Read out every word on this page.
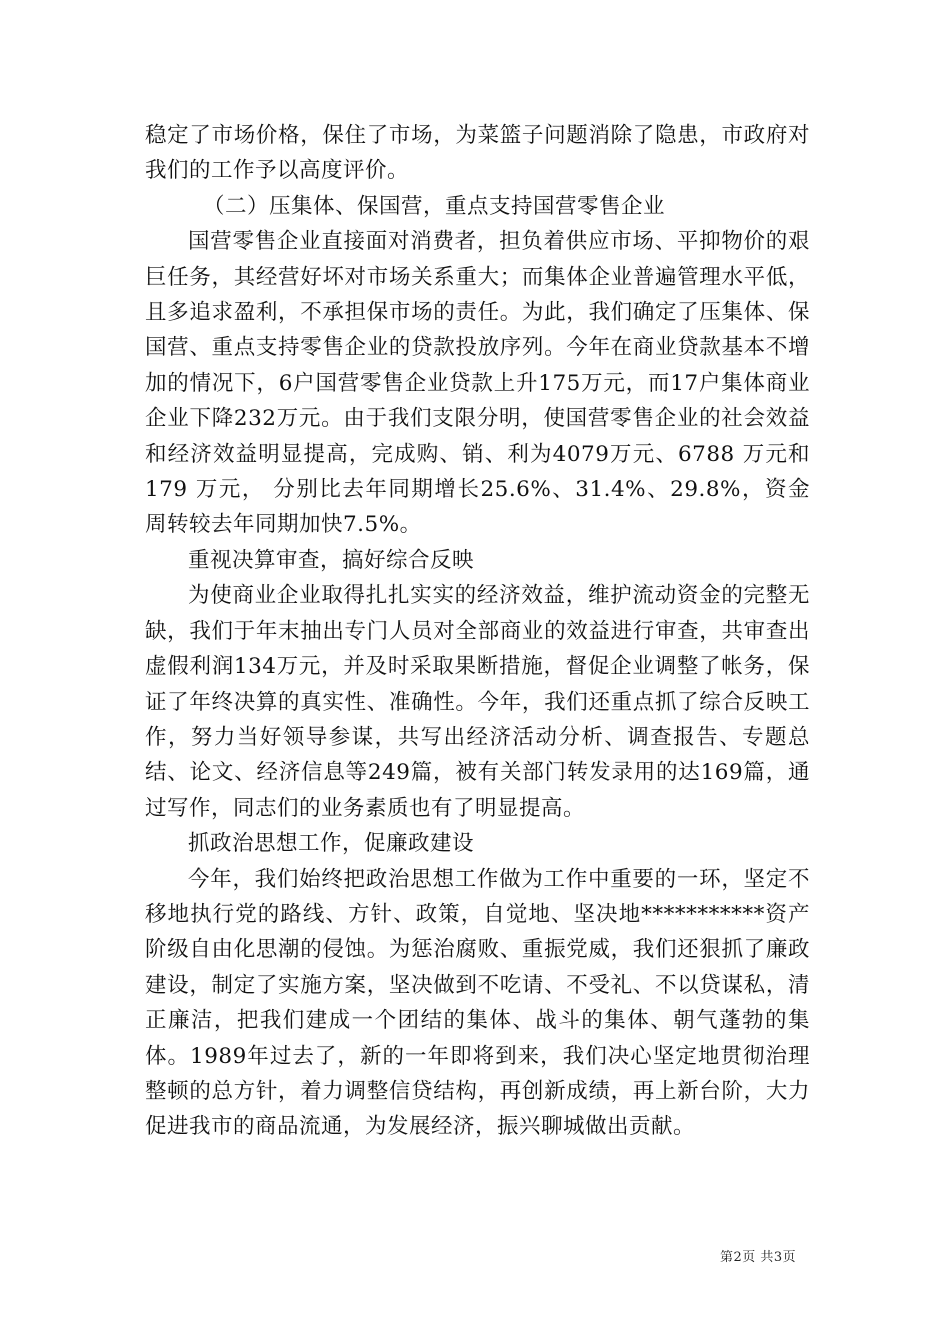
稳定了市场价格，保住了市场，为菜篮子问题消除了隐患，市政府对我们的工作予以高度评价。

（二）压集体、保国营，重点支持国营零售企业

国营零售企业直接面对消费者，担负着供应市场、平抑物价的艰巨任务，其经营好坏对市场关系重大；而集体企业普遍管理水平低，且多追求盈利，不承担保市场的责任。为此，我们确定了压集体、保国营、重点支持零售企业的贷款投放序列。今年在商业贷款基本不增加的情况下，6户国营零售企业贷款上升175万元，而17户集体商业企业下降232万元。由于我们支限分明，使国营零售企业的社会效益和经济效益明显提高，完成购、销、利为4079万元、6788 万元和 179 万元， 分别比去年同期增长25.6%、31.4%、29.8%，资金周转较去年同期加快7.5%。

重视决算审查，搞好综合反映

为使商业企业取得扎扎实实的经济效益，维护流动资金的完整无缺，我们于年末抽出专门人员对全部商业的效益进行审查，共审查出虚假利润134万元，并及时采取果断措施，督促企业调整了帐务，保证了年终决算的真实性、准确性。今年，我们还重点抓了综合反映工作，努力当好领导参谋，共写出经济活动分析、调查报告、专题总结、论文、经济信息等249篇，被有关部门转发录用的达169篇，通过写作，同志们的业务素质也有了明显提高。

抓政治思想工作，促廉政建设

今年，我们始终把政治思想工作做为工作中重要的一环，坚定不移地执行党的路线、方针、政策，自觉地、坚决地***********资产阶级自由化思潮的侵蚀。为惩治腐败、重振党威，我们还狠抓了廉政建设，制定了实施方案，坚决做到不吃请、不受礼、不以贷谋私，清正廉洁，把我们建成一个团结的集体、战斗的集体、朝气蓬勃的集体。1989年过去了，新的一年即将到来，我们决心坚定地贯彻治理整顿的总方针，着力调整信贷结构，再创新成绩，再上新台阶，大力促进我市的商品流通，为发展经济，振兴聊城做出贡献。

第2页 共3页
